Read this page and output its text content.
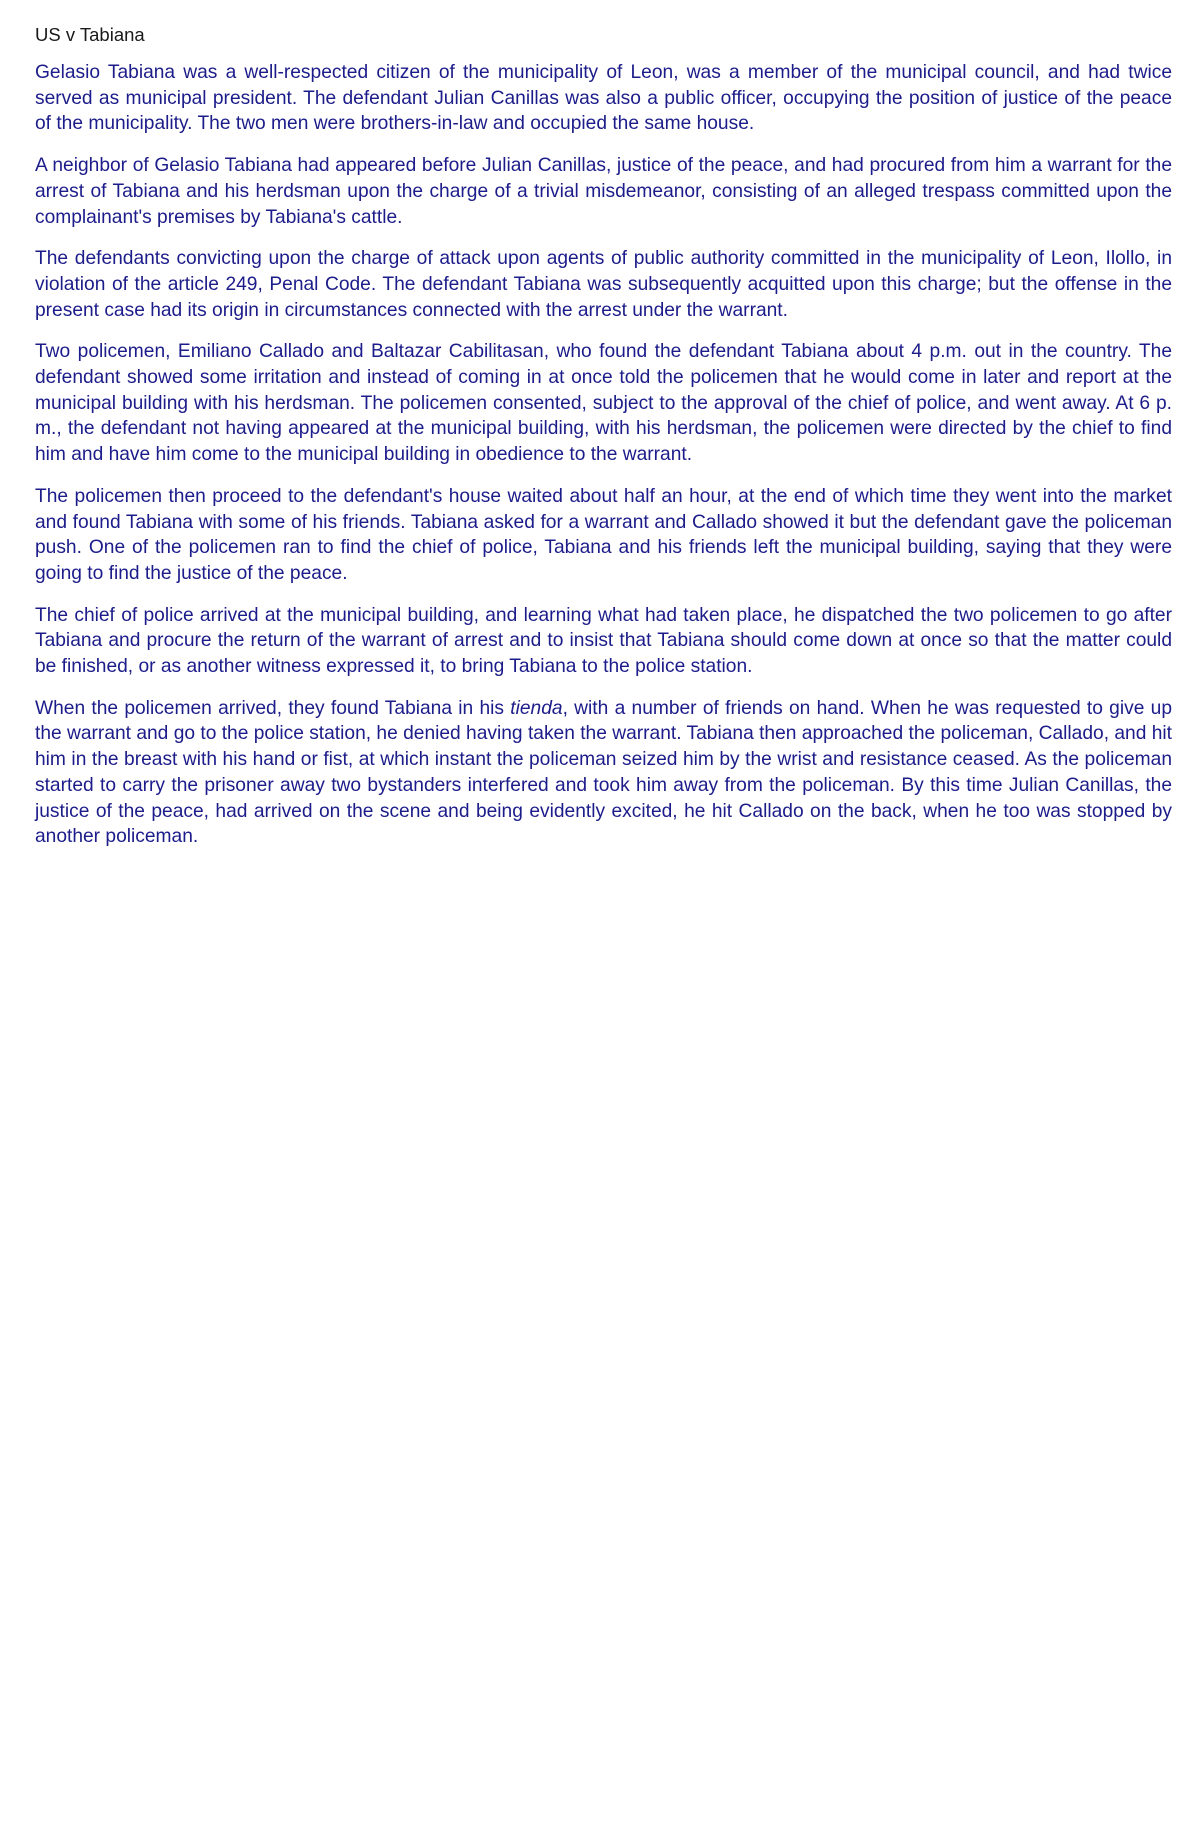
US v Tabiana

Gelasio Tabiana was a well-respected citizen of the municipality of Leon, was a member of the municipal council, and had twice served as municipal president. The defendant Julian Canillas was also a public officer, occupying the position of justice of the peace of the municipality. The two men were brothers-in-law and occupied the same house.

A neighbor of Gelasio Tabiana had appeared before Julian Canillas, justice of the peace, and had procured from him a warrant for the arrest of Tabiana and his herdsman upon the charge of a trivial misdemeanor, consisting of an alleged trespass committed upon the complainant's premises by Tabiana's cattle.

The defendants convicting upon the charge of attack upon agents of public authority committed in the municipality of Leon, Ilollo, in violation of the article 249, Penal Code. The defendant Tabiana was subsequently acquitted upon this charge; but the offense in the present case had its origin in circumstances connected with the arrest under the warrant.

Two policemen, Emiliano Callado and Baltazar Cabilitasan, who found the defendant Tabiana about 4 p.m. out in the country. The defendant showed some irritation and instead of coming in at once told the policemen that he would come in later and report at the municipal building with his herdsman. The policemen consented, subject to the approval of the chief of police, and went away. At 6 p. m., the defendant not having appeared at the municipal building, with his herdsman, the policemen were directed by the chief to find him and have him come to the municipal building in obedience to the warrant.

The policemen then proceed to the defendant's house waited about half an hour, at the end of which time they went into the market and found Tabiana with some of his friends. Tabiana asked for a warrant and Callado showed it but the defendant gave the policeman push. One of the policemen ran to find the chief of police, Tabiana and his friends left the municipal building, saying that they were going to find the justice of the peace.

The chief of police arrived at the municipal building, and learning what had taken place, he dispatched the two policemen to go after Tabiana and procure the return of the warrant of arrest and to insist that Tabiana should come down at once so that the matter could be finished, or as another witness expressed it, to bring Tabiana to the police station.

When the policemen arrived, they found Tabiana in his tienda, with a number of friends on hand. When he was requested to give up the warrant and go to the police station, he denied having taken the warrant. Tabiana then approached the policeman, Callado, and hit him in the breast with his hand or fist, at which instant the policeman seized him by the wrist and resistance ceased. As the policeman started to carry the prisoner away two bystanders interfered and took him away from the policeman. By this time Julian Canillas, the justice of the peace, had arrived on the scene and being evidently excited, he hit Callado on the back, when he too was stopped by another policeman.
